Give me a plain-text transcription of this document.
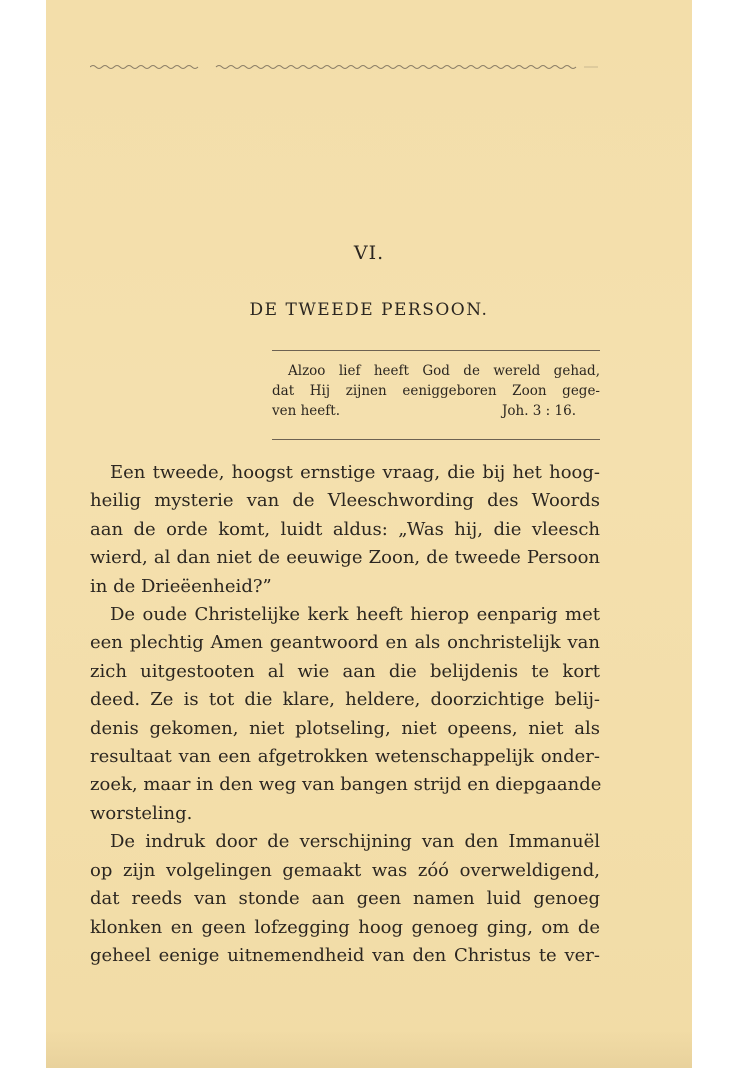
VI.
DE TWEEDE PERSOON.
Alzoo lief heeft God de wereld gehad,
dat Hij zijnen eeniggeboren Zoon gege-
ven heeft.	Joh. 3 : 16.
Een tweede, hoogst ernstige vraag, die bij het hoog-
heilig mysterie van de Vleeschwording des Woords
aan de orde komt, luidt aldus: „Was hij, die vleesch
wierd, al dan niet de eeuwige Zoon, de tweede Persoon
in de Drieëenheid?”
De oude Christelijke kerk heeft hierop eenparig met
een plechtig Amen geantwoord en als onchristelijk van
zich uitgestooten al wie aan die belijdenis te kort
deed. Ze is tot die klare, heldere, doorzichtige belij-
denis gekomen, niet plotseling, niet opeens, niet als
resultaat van een afgetrokken wetenschappelijk onder-
zoek, maar in den weg van bangen strijd en diepgaande
worsteling.
De indruk door de verschijning van den Immanuël
op zijn volgelingen gemaakt was zóó overweldigend,
dat reeds van stonde aan geen namen luid genoeg
klonken en geen lofzegging hoog genoeg ging, om de
geheel eenige uitnemendheid van den Christus te ver-
